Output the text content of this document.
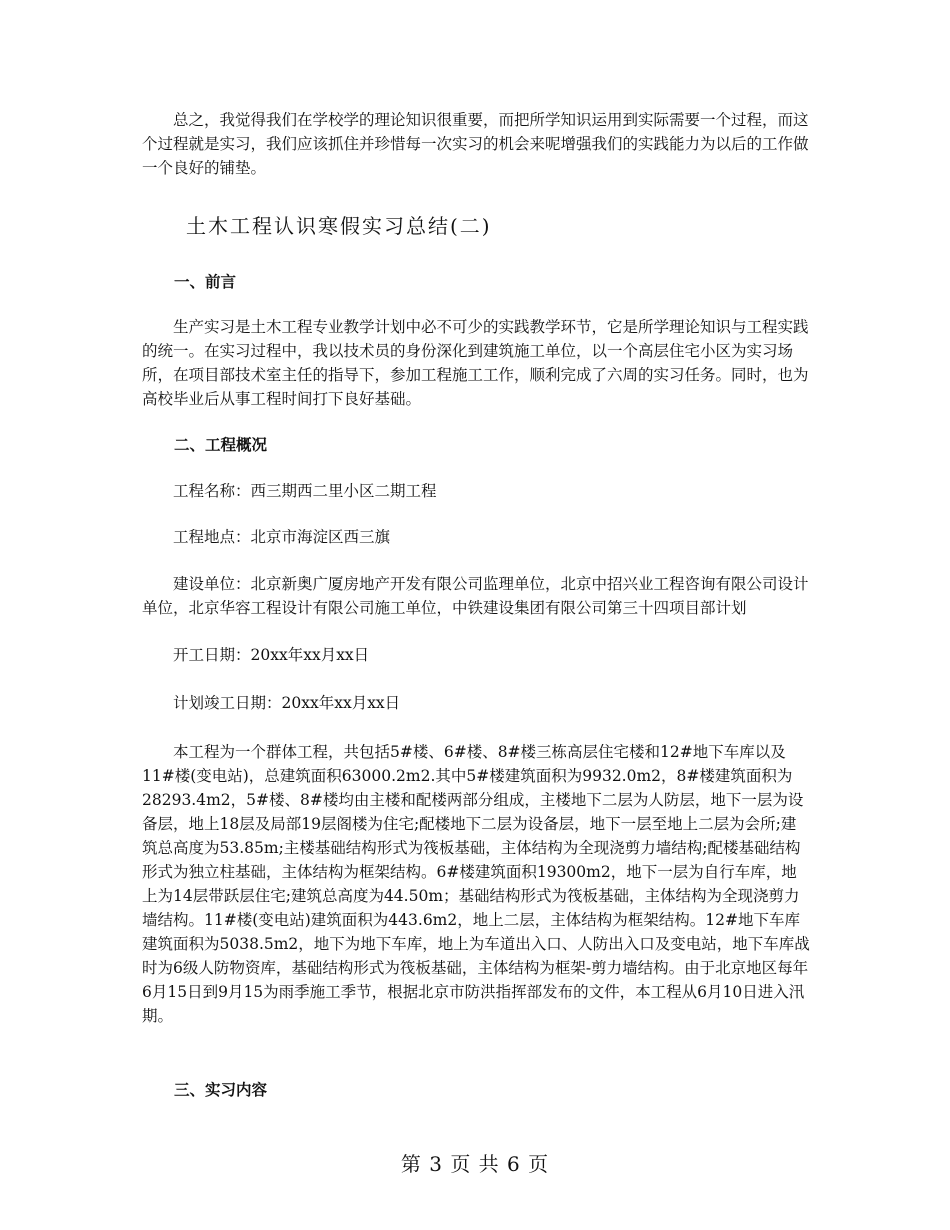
总之，我觉得我们在学校学的理论知识很重要，而把所学知识运用到实际需要一个过程，而这个过程就是实习，我们应该抓住并珍惜每一次实习的机会来呢增强我们的实践能力为以后的工作做一个良好的铺垫。

土木工程认识寒假实习总结(二)

一、前言

生产实习是土木工程专业教学计划中必不可少的实践教学环节，它是所学理论知识与工程实践的统一。在实习过程中，我以技术员的身份深化到建筑施工单位，以一个高层住宅小区为实习场所，在项目部技术室主任的指导下，参加工程施工工作，顺利完成了六周的实习任务。同时，也为高校毕业后从事工程时间打下良好基础。

二、工程概况

工程名称：西三期西二里小区二期工程

工程地点：北京市海淀区西三旗

建设单位：北京新奥广厦房地产开发有限公司监理单位，北京中招兴业工程咨询有限公司设计单位，北京华容工程设计有限公司施工单位，中铁建设集团有限公司第三十四项目部计划

开工日期：20xx年xx月xx日

计划竣工日期：20xx年xx月xx日

本工程为一个群体工程，共包括5#楼、6#楼、8#楼三栋高层住宅楼和12#地下车库以及11#楼(变电站)，总建筑面积63000.2m2.其中5#楼建筑面积为9932.0m2，8#楼建筑面积为28293.4m2，5#楼、8#楼均由主楼和配楼两部分组成，主楼地下二层为人防层，地下一层为设备层，地上18层及局部19层阁楼为住宅;配楼地下二层为设备层，地下一层至地上二层为会所;建筑总高度为53.85m;主楼基础结构形式为筏板基础，主体结构为全现浇剪力墙结构;配楼基础结构形式为独立柱基础，主体结构为框架结构。6#楼建筑面积19300m2，地下一层为自行车库，地上为14层带跃层住宅;建筑总高度为44.50m；基础结构形式为筏板基础，主体结构为全现浇剪力墙结构。11#楼(变电站)建筑面积为443.6m2，地上二层，主体结构为框架结构。12#地下车库建筑面积为5038.5m2，地下为地下车库，地上为车道出入口、人防出入口及变电站，地下车库战时为6级人防物资库，基础结构形式为筏板基础，主体结构为框架-剪力墙结构。由于北京地区每年6月15日到9月15为雨季施工季节，根据北京市防洪指挥部发布的文件，本工程从6月10日进入汛期。

三、实习内容

第 3 页 共 6 页
